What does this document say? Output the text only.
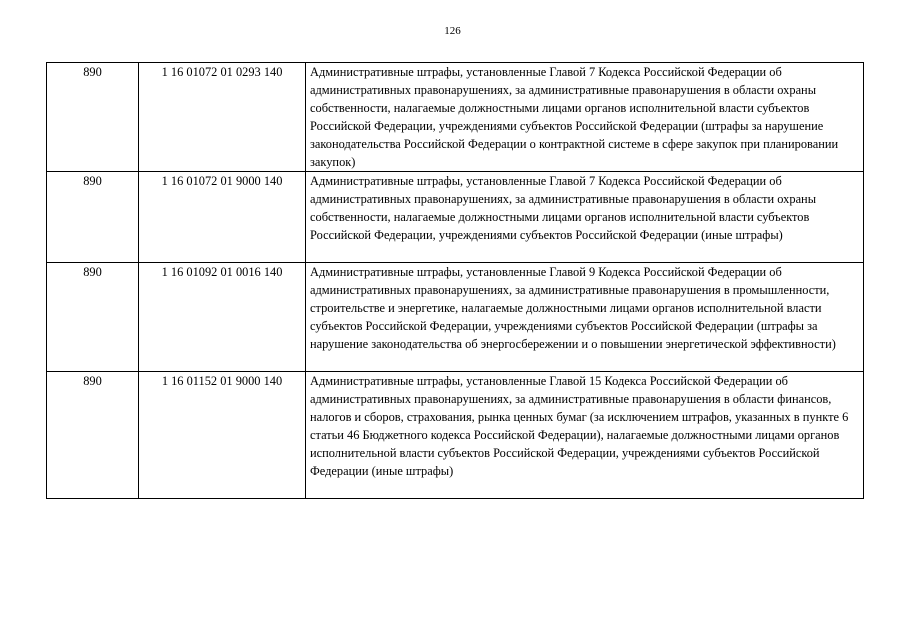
126
890	1 16 01072 01 0293 140	Административные штрафы, установленные Главой 7 Кодекса Российской Федерации об административных правонарушениях, за административные правонарушения в области охраны собственности, налагаемые должностными лицами органов исполнительной власти субъектов Российской Федерации, учреждениями субъектов Российской Федерации (штрафы за нарушение законодательства Российской Федерации о контрактной системе в сфере закупок при планировании закупок)
890	1 16 01072 01 9000 140	Административные штрафы, установленные Главой 7 Кодекса Российской Федерации об административных правонарушениях, за административные правонарушения в области охраны собственности, налагаемые должностными лицами органов исполнительной власти субъектов Российской Федерации, учреждениями субъектов Российской Федерации (иные штрафы)
890	1 16 01092 01 0016 140	Административные штрафы, установленные Главой 9 Кодекса Российской Федерации об административных правонарушениях, за административные правонарушения в промышленности, строительстве и энергетике, налагаемые должностными лицами органов исполнительной власти субъектов Российской Федерации, учреждениями субъектов Российской Федерации (штрафы за нарушение законодательства об энергосбережении и о повышении энергетической эффективности)
890	1 16 01152 01 9000 140	Административные штрафы, установленные Главой 15 Кодекса Российской Федерации об административных правонарушениях, за административные правонарушения в области финансов, налогов и сборов, страхования, рынка ценных бумаг (за исключением штрафов, указанных в пункте 6 статьи 46 Бюджетного кодекса Российской Федерации), налагаемые должностными лицами органов исполнительной власти субъектов Российской Федерации, учреждениями субъектов Российской Федерации (иные штрафы)
